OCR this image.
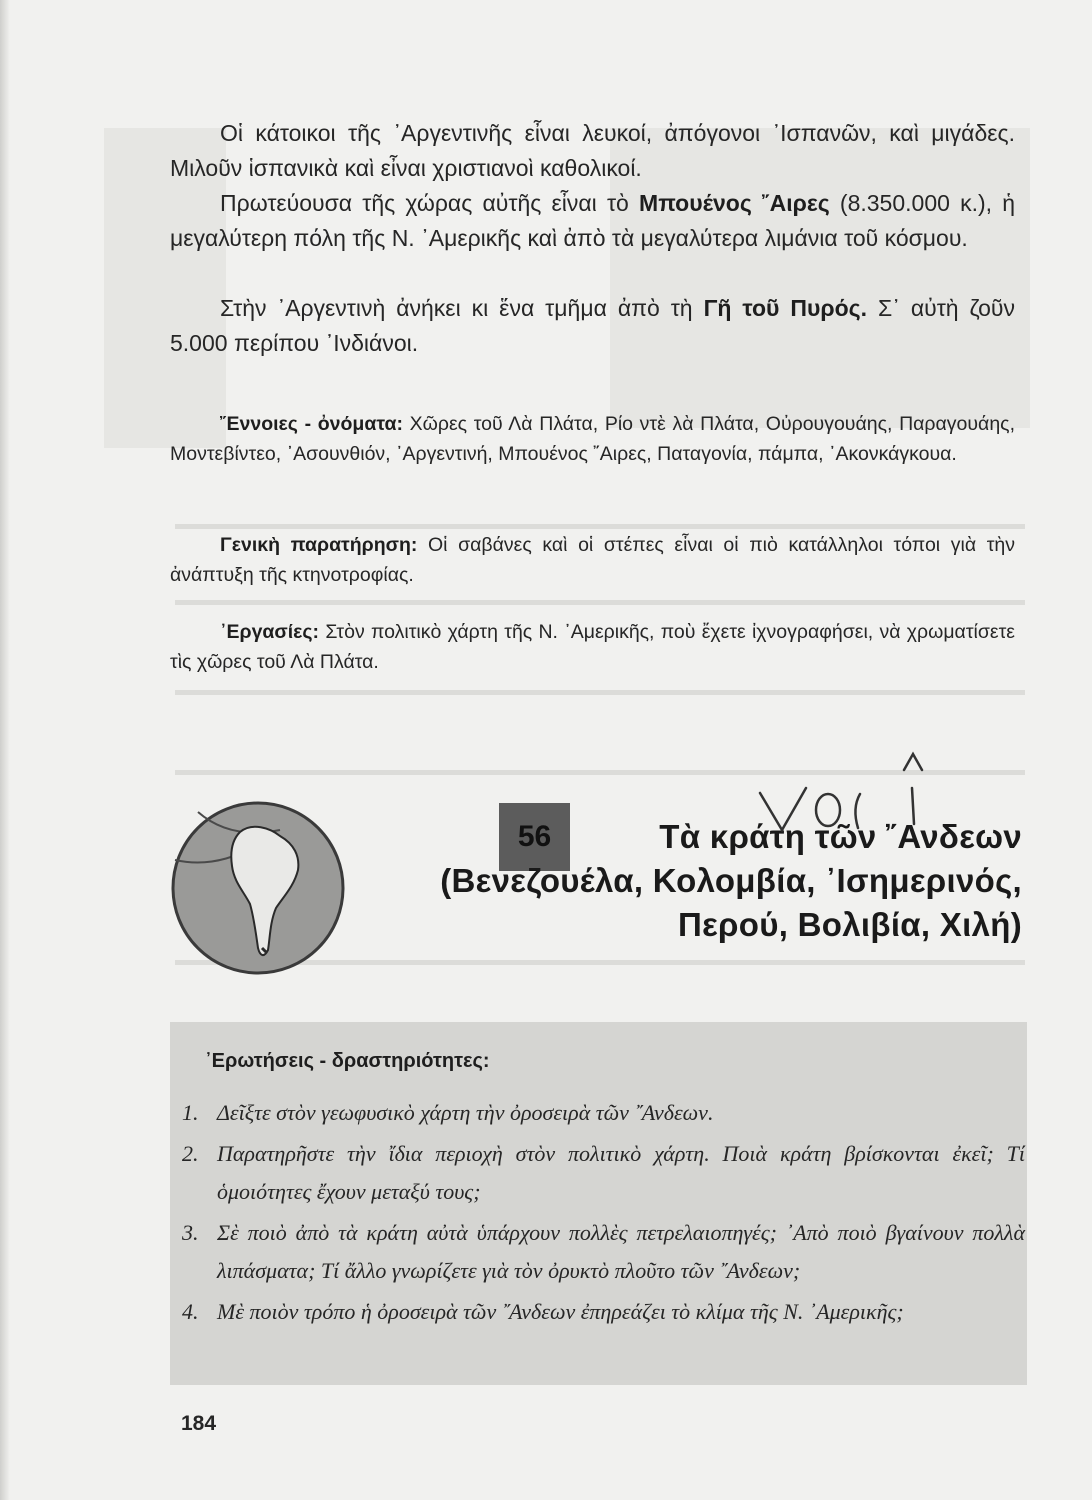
Οἱ κάτοικοι τῆς ᾿Αργεντινῆς εἶναι λευκοί, ἀπόγονοι ᾿Ισπανῶν, καὶ μιγάδες. Μιλοῦν ἱσπανικὰ καὶ εἶναι χριστιανοὶ καθολικοί.

Πρωτεύουσα τῆς χώρας αὐτῆς εἶναι τὸ Μπουένος ῎Αιρες (8.350.000 κ.), ἡ μεγαλύτερη πόλη τῆς Ν. ᾿Αμερικῆς καὶ ἀπὸ τὰ μεγαλύτερα λιμάνια τοῦ κόσμου.

Στὴν ᾿Αργεντινὴ ἀνήκει κι ἕνα τμῆμα ἀπὸ τὴ Γῆ τοῦ Πυρός. Σ᾿ αὐτὴ ζοῦν 5.000 περίπου ᾿Ινδιάνοι.

῎Εννοιες - ὀνόματα: Χῶρες τοῦ Λὰ Πλάτα, Ρίο ντὲ λὰ Πλάτα, Οὐρουγουάης, Παραγουάης, Μοντεβίντεο, ᾿Ασουνθιόν, ᾿Αργεντινή, Μπουένος ῎Αιρες, Παταγονία, πάμπα, ᾿Ακονκάγκουα.

Γενικὴ παρατήρηση: Οἱ σαβάνες καὶ οἱ στέπες εἶναι οἱ πιὸ κατάλληλοι τόποι γιὰ τὴν ἀνάπτυξη τῆς κτηνοτροφίας.

᾿Εργασίες: Στὸν πολιτικὸ χάρτη τῆς Ν. ᾿Αμερικῆς, ποὺ ἔχετε ἰχνογραφήσει, νὰ χρωματίσετε τὶς χῶρες τοῦ Λὰ Πλάτα.

56	Τὰ κράτη τῶν ῎Ανδεων
(Βενεζουέλα, Κολομβία, ᾿Ισημερινός,
Περού, Βολιβία, Χιλή)
νοι
᾿Ερωτήσεις - δραστηριότητες:
1. Δεῖξτε στὸν γεωφυσικὸ χάρτη τὴν ὀροσειρὰ τῶν ῎Ανδεων.
2. Παρατηρῆστε τὴν ἴδια περιοχὴ στὸν πολιτικὸ χάρτη. Ποιὰ κράτη βρίσκονται ἐκεῖ; Τί ὁμοιότητες ἔχουν μεταξύ τους;
3. Σὲ ποιὸ ἀπὸ τὰ κράτη αὐτὰ ὑπάρχουν πολλὲς πετρελαιοπηγές; ᾿Απὸ ποιὸ βγαίνουν πολλὰ λιπάσματα; Τί ἄλλο γνωρίζετε γιὰ τὸν ὀρυκτὸ πλοῦτο τῶν ῎Ανδεων;
4. Μὲ ποιὸν τρόπο ἡ ὀροσειρὰ τῶν ῎Ανδεων ἐπηρεάζει τὸ κλίμα τῆς Ν. ᾿Αμερικῆς;

184
